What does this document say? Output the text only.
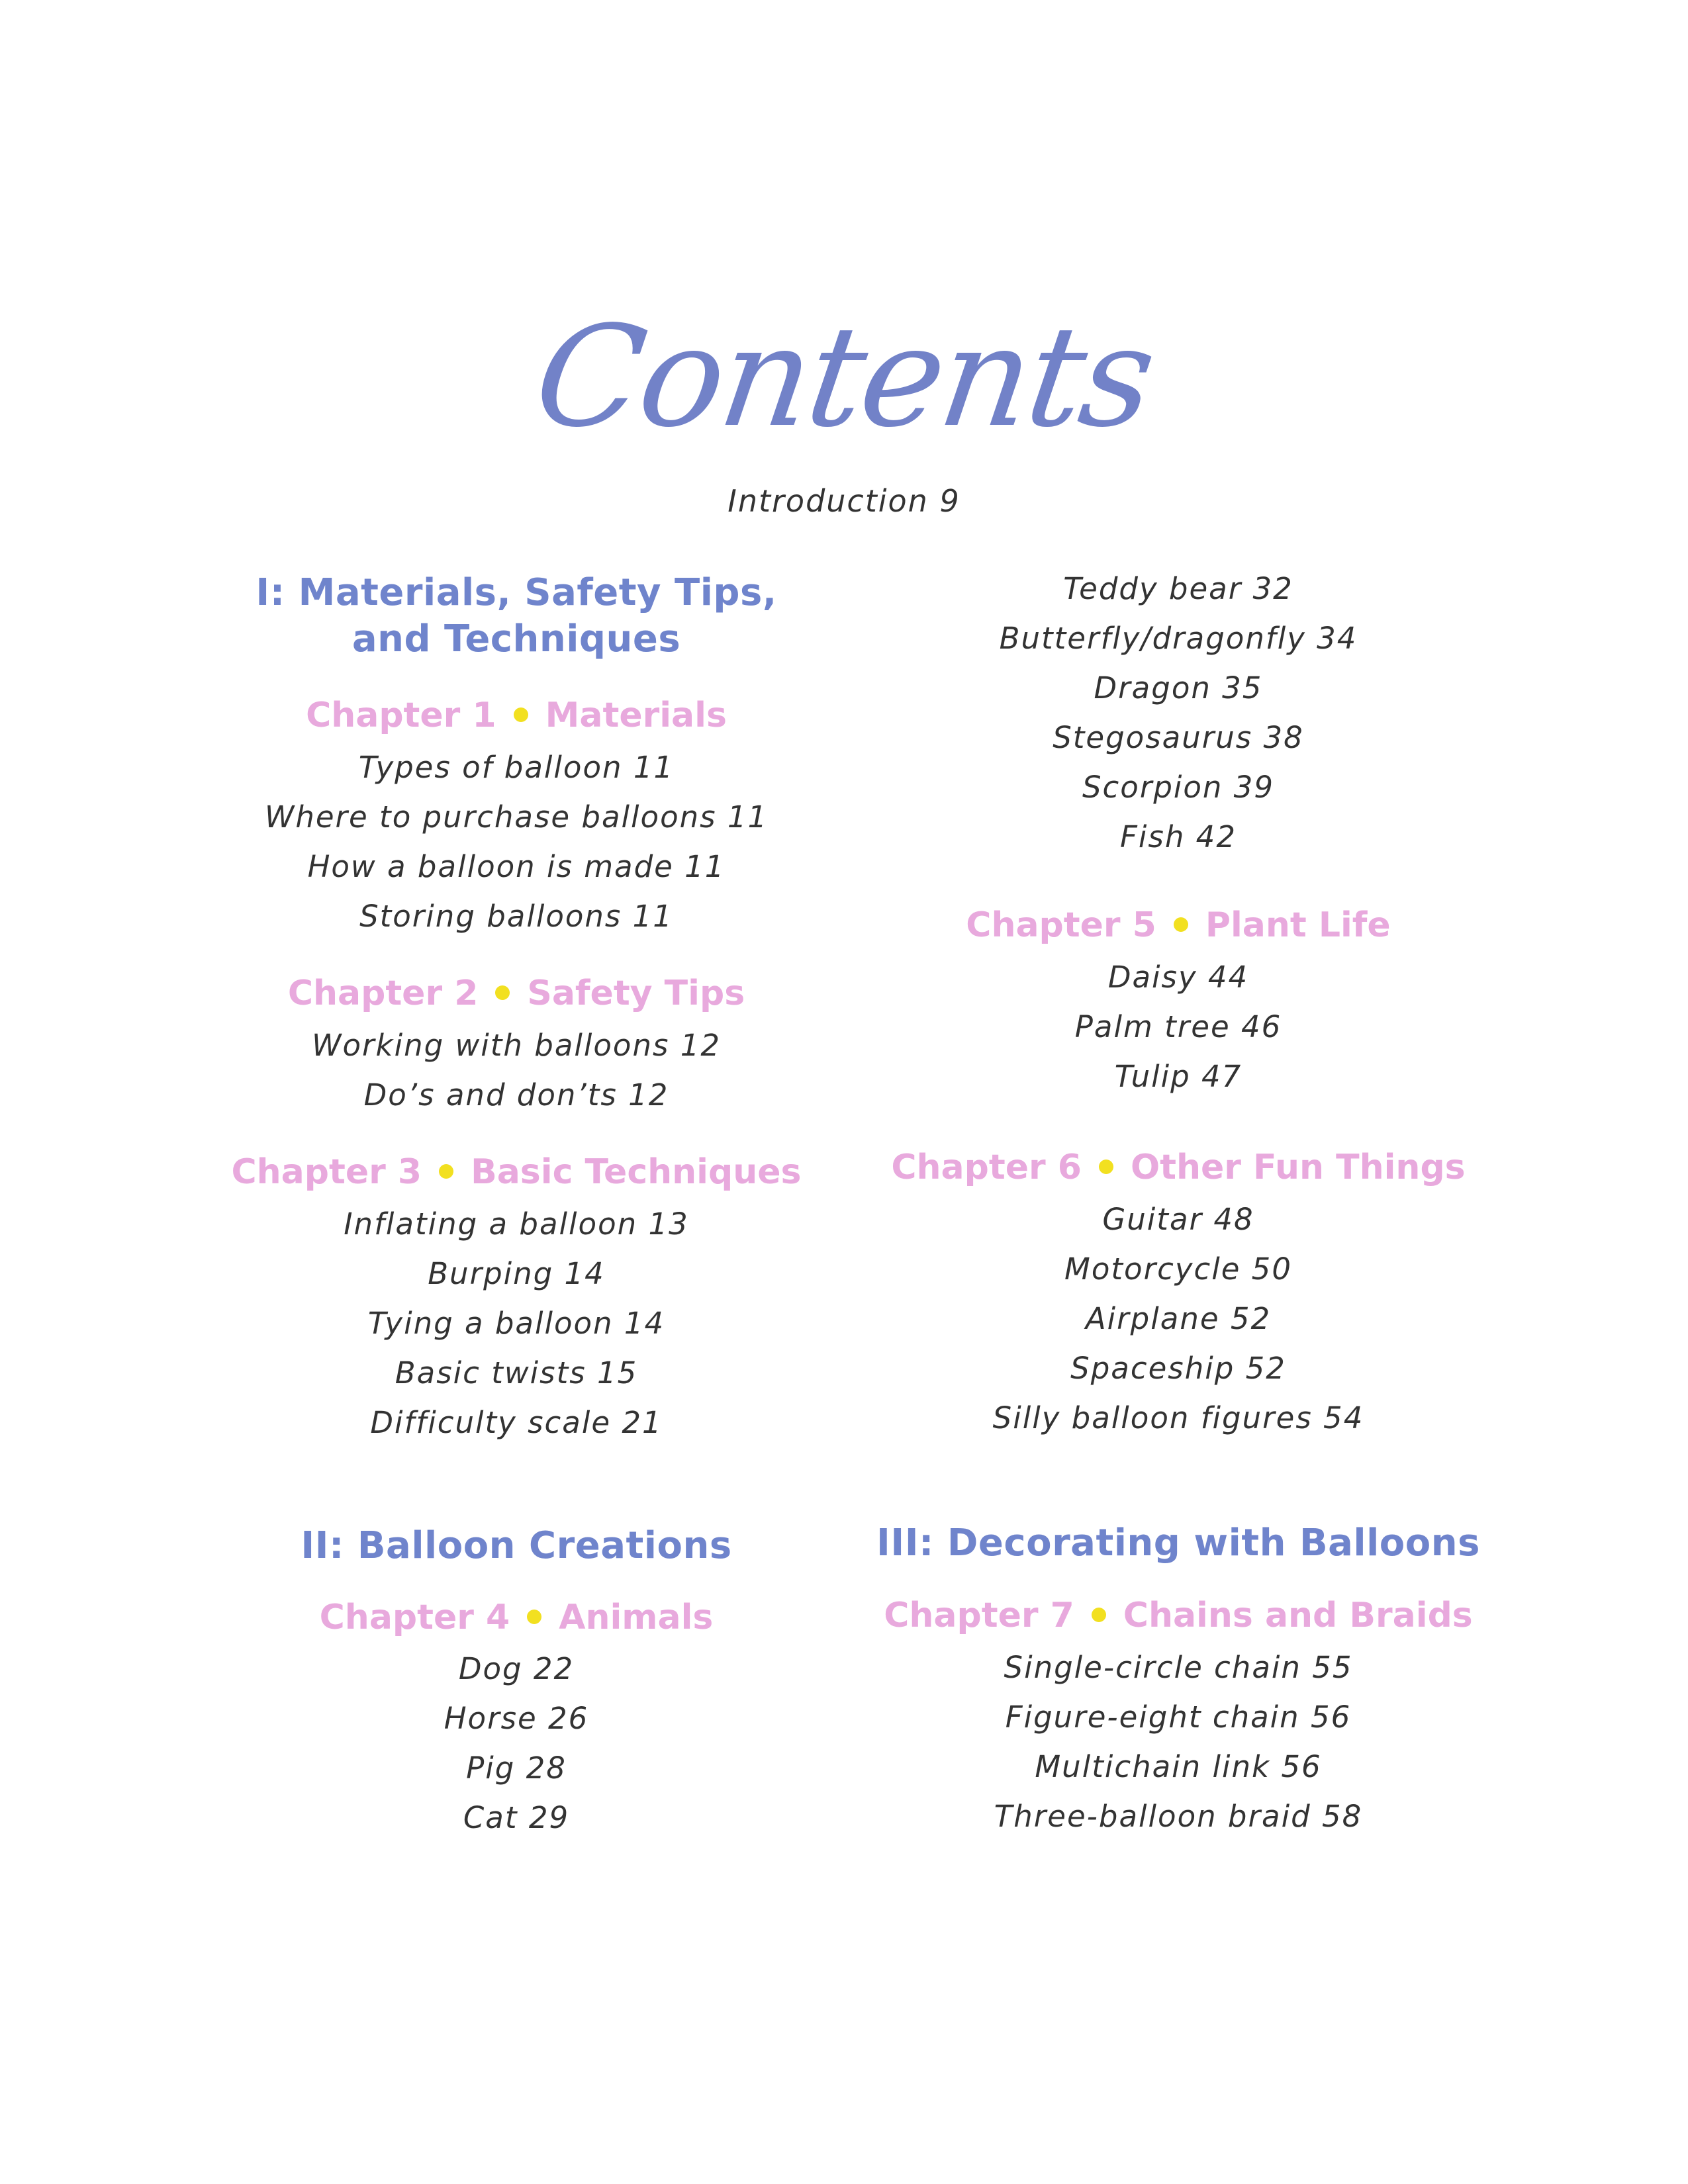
Contents
Introduction 9
I: Materials, Safety Tips,
and Techniques
Chapter 1 Materials
Types of balloon 11
Where to purchase balloons 11
How a balloon is made 11
Storing balloons 11
Chapter 2 Safety Tips
Working with balloons 12
Do’s and don’ts 12
Chapter 3 Basic Techniques
Inflating a balloon 13
Burping 14
Tying a balloon 14
Basic twists 15
Difficulty scale 21
II: Balloon Creations
Chapter 4 Animals
Dog 22
Horse 26
Pig 28
Cat 29
Teddy bear 32
Butterfly/dragonfly 34
Dragon 35
Stegosaurus 38
Scorpion 39
Fish 42
Chapter 5 Plant Life
Daisy 44
Palm tree 46
Tulip 47
Chapter 6 Other Fun Things
Guitar 48
Motorcycle 50
Airplane 52
Spaceship 52
Silly balloon figures 54
III: Decorating with Balloons
Chapter 7 Chains and Braids
Single-circle chain 55
Figure-eight chain 56
Multichain link 56
Three-balloon braid 58
